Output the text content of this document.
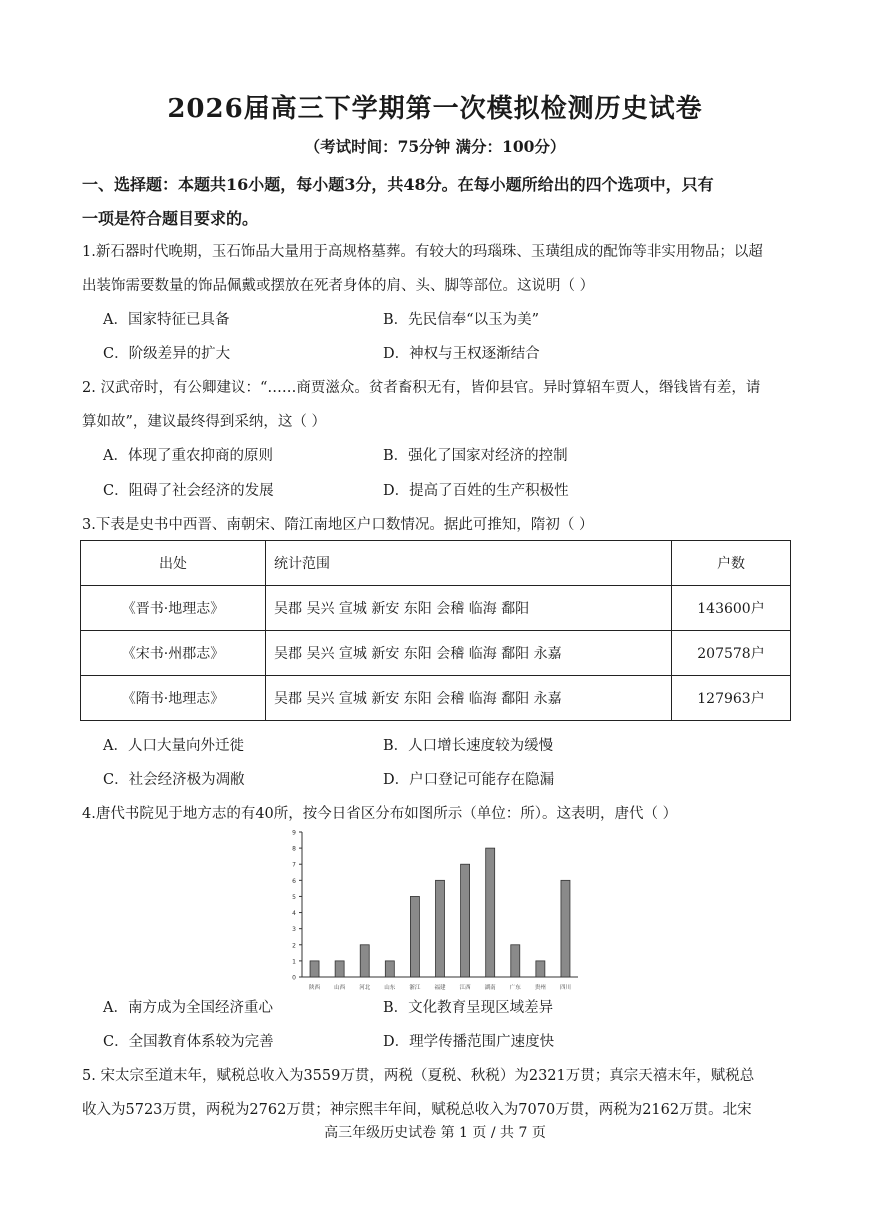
2026届高三下学期第一次模拟检测历史试卷
（考试时间：75分钟 满分：100分）
一、选择题：本题共16小题，每小题3分，共48分。在每小题所给出的四个选项中，只有
一项是符合题目要求的。
1.新石器时代晚期，玉石饰品大量用于高规格墓葬。有较大的玛瑙珠、玉璜组成的配饰等非实用物品；以超
出装饰需要数量的饰品佩戴或摆放在死者身体的肩、头、脚等部位。这说明（ ）
A．国家特征已具备	B．先民信奉“以玉为美”
C．阶级差异的扩大	D．神权与王权逐渐结合
2. 汉武帝时，有公卿建议：“……商贾滋众。贫者畜积无有，皆仰县官。异时算轺车贾人，缗钱皆有差，请
算如故”，建议最终得到采纳，这（ ）
A．体现了重农抑商的原则	B．强化了国家对经济的控制
C．阻碍了社会经济的发展	D．提高了百姓的生产积极性
3.下表是史书中西晋、南朝宋、隋江南地区户口数情况。据此可推知，隋初（ ）
出处	统计范围	户数
《晋书·地理志》	吴郡 吴兴 宣城 新安 东阳 会稽 临海 鄱阳	143600户
《宋书·州郡志》	吴郡 吴兴 宣城 新安 东阳 会稽 临海 鄱阳 永嘉	207578户
《隋书·地理志》	吴郡 吴兴 宣城 新安 东阳 会稽 临海 鄱阳 永嘉	127963户
A．人口大量向外迁徙	B．人口增长速度较为缓慢
C．社会经济极为凋敝	D．户口登记可能存在隐漏
4.唐代书院见于地方志的有40所，按今日省区分布如图所示（单位：所）。这表明，唐代（ ）
0
1
2
3
4
5
6
7
8
9
陕西	山西	河北	山东	浙江	福建	江西	湖南	广东	贵州	四川
A．南方成为全国经济重心	B．文化教育呈现区域差异
C．全国教育体系较为完善	D．理学传播范围广速度快
5. 宋太宗至道末年，赋税总收入为3559万贯，两税（夏税、秋税）为2321万贯；真宗天禧末年，赋税总
收入为5723万贯，两税为2762万贯；神宗熙丰年间，赋税总收入为7070万贯，两税为2162万贯。北宋
高三年级历史试卷 第 1 页 / 共 7 页
